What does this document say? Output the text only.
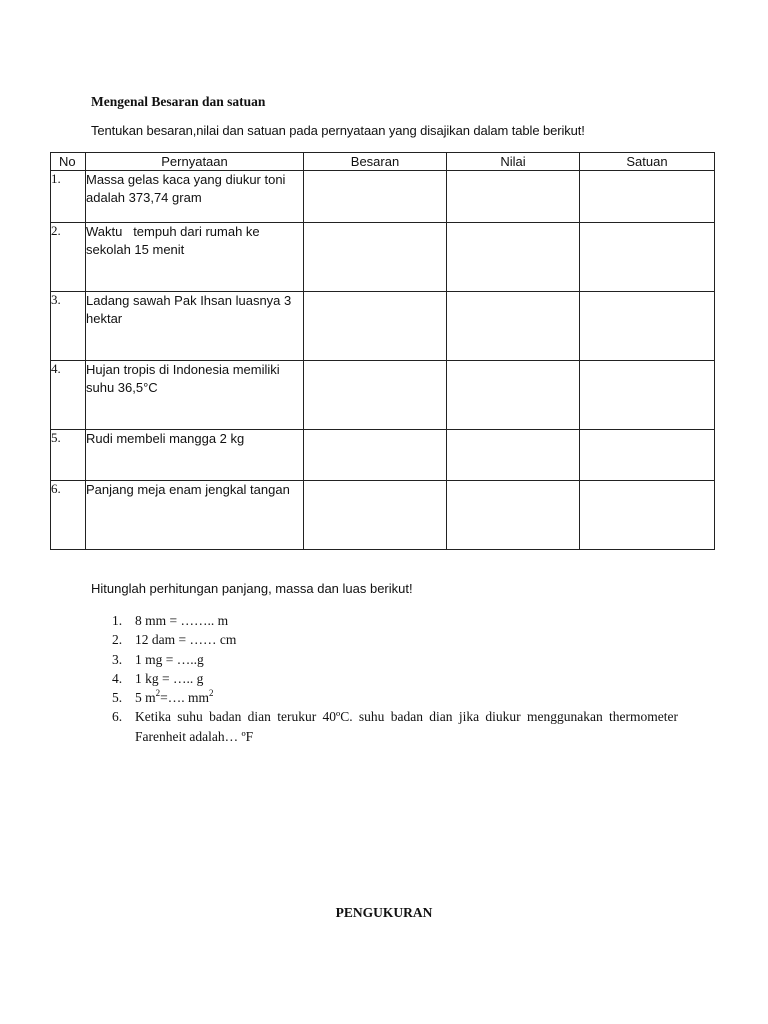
Mengenal Besaran dan satuan
Tentukan besaran,nilai dan satuan pada pernyataan yang disajikan dalam table berikut!
No	Pernyataan	Besaran	Nilai	Satuan
1.	Massa gelas kaca yang diukur toni adalah 373,74 gram			
2.	Waktu   tempuh dari rumah ke sekolah 15 menit			
3.	Ladang sawah Pak Ihsan luasnya 3 hektar			
4.	Hujan tropis di Indonesia memiliki suhu 36,5°C			
5.	Rudi membeli mangga 2 kg			
6.	Panjang meja enam jengkal tangan			
Hitunglah perhitungan panjang, massa dan luas berikut!
1. 8 mm = …….. m
2. 12 dam = …… cm
3. 1 mg = …..g
4. 1 kg = ….. g
5. 5 $m^2=\dots$. $mm^2$
6. Ketika suhu badan dian terukur 40ºC. suhu badan dian jika diukur menggunakan thermometer Farenheit adalah… ºF
PENGUKURAN
